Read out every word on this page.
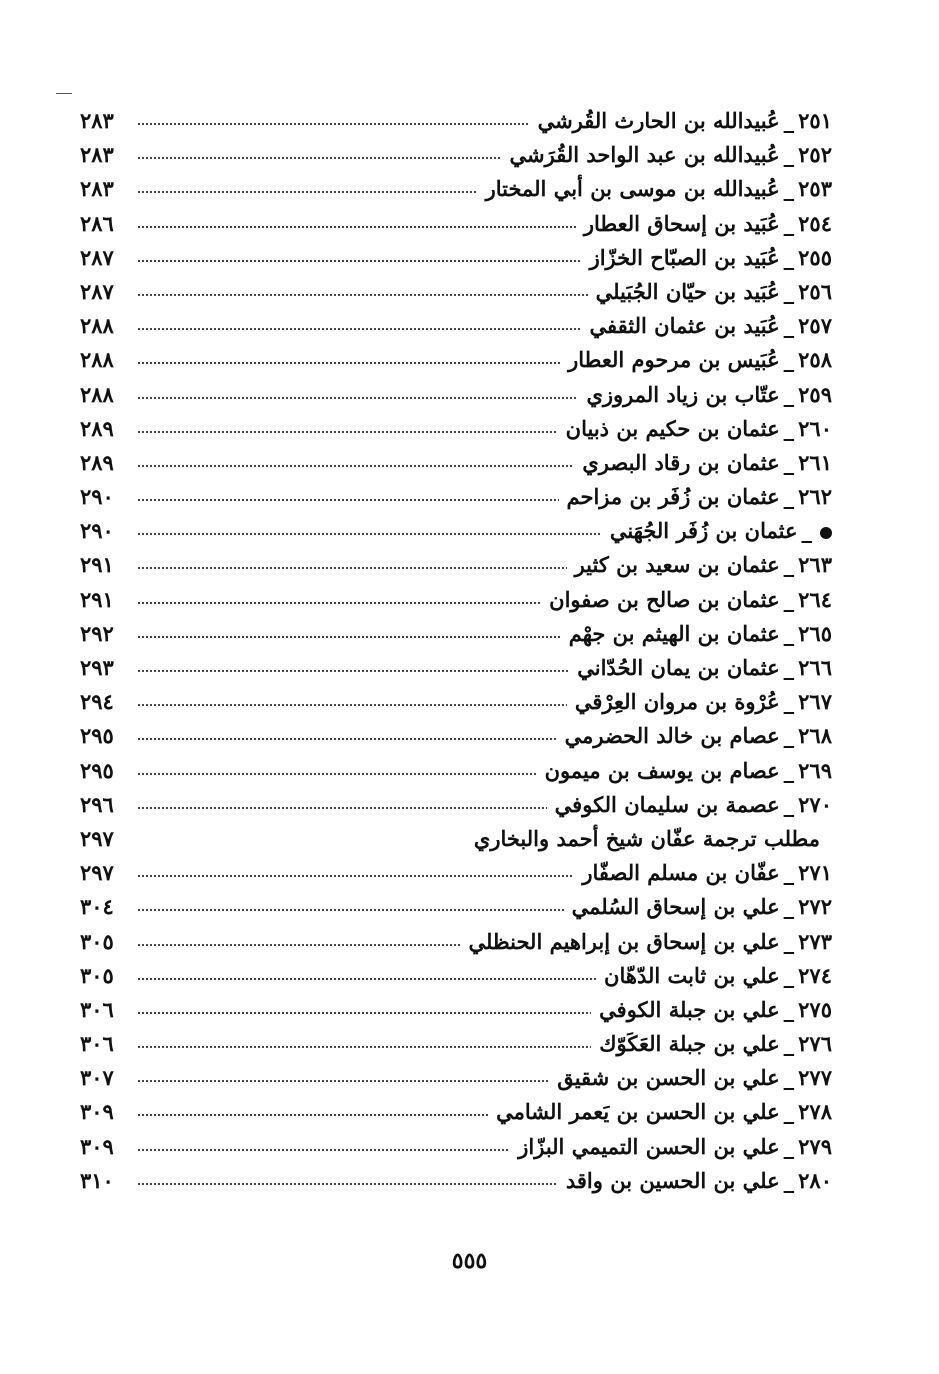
٢٥١_عُبيدالله بن الحارث القُرشي
٢٨٣
٢٥٢_عُبيدالله بن عبد الواحد القُرَشي
٢٨٣
٢٥٣_عُبيدالله بن موسى بن أبي المختار
٢٨٣
٢٥٤_عُبَيد بن إسحاق العطار
٢٨٦
٢٥٥_عُبَيد بن الصبّاح الخزّاز
٢٨٧
٢٥٦_عُبَيد بن حيّان الجُبَيلي
٢٨٧
٢٥٧_عُبَيد بن عثمان الثقفي
٢٨٨
٢٥٨_عُبَيس بن مرحوم العطار
٢٨٨
٢٥٩_عتّاب بن زياد المروزي
٢٨٨
٢٦٠_عثمان بن حكيم بن ذبيان
٢٨٩
٢٦١_عثمان بن رقاد البصري
٢٨٩
٢٦٢_عثمان بن زُفَر بن مزاحم
٢٩٠
_عثمان بن زُفَر الجُهَني
٢٩٠
٢٦٣_عثمان بن سعيد بن كثير
٢٩١
٢٦٤_عثمان بن صالح بن صفوان
٢٩١
٢٦٥_عثمان بن الهيثم بن جهْم
٢٩٢
٢٦٦_عثمان بن يمان الحُدّاني
٢٩٣
٢٦٧_عُرْوة بن مروان العِرْقي
٢٩٤
٢٦٨_عصام بن خالد الحضرمي
٢٩٥
٢٦٩_عصام بن يوسف بن ميمون
٢٩٥
٢٧٠_عصمة بن سليمان الكوفي
٢٩٦
مطلب ترجمة عفّان شيخ أحمد والبخاري
٢٩٧
٢٧١_عفّان بن مسلم الصفّار
٢٩٧
٢٧٢_علي بن إسحاق السُلمي
٣٠٤
٢٧٣_علي بن إسحاق بن إبراهيم الحنظلي
٣٠٥
٢٧٤_علي بن ثابت الدّهّان
٣٠٥
٢٧٥_علي بن جبلة الكوفي
٣٠٦
٢٧٦_علي بن جبلة العَكَوّك
٣٠٦
٢٧٧_علي بن الحسن بن شقيق
٣٠٧
٢٧٨_علي بن الحسن بن يَعمر الشامي
٣٠٩
٢٧٩_علي بن الحسن التميمي البزّاز
٣٠٩
٢٨٠_علي بن الحسين بن واقد
٣١٠
٥٥٥
